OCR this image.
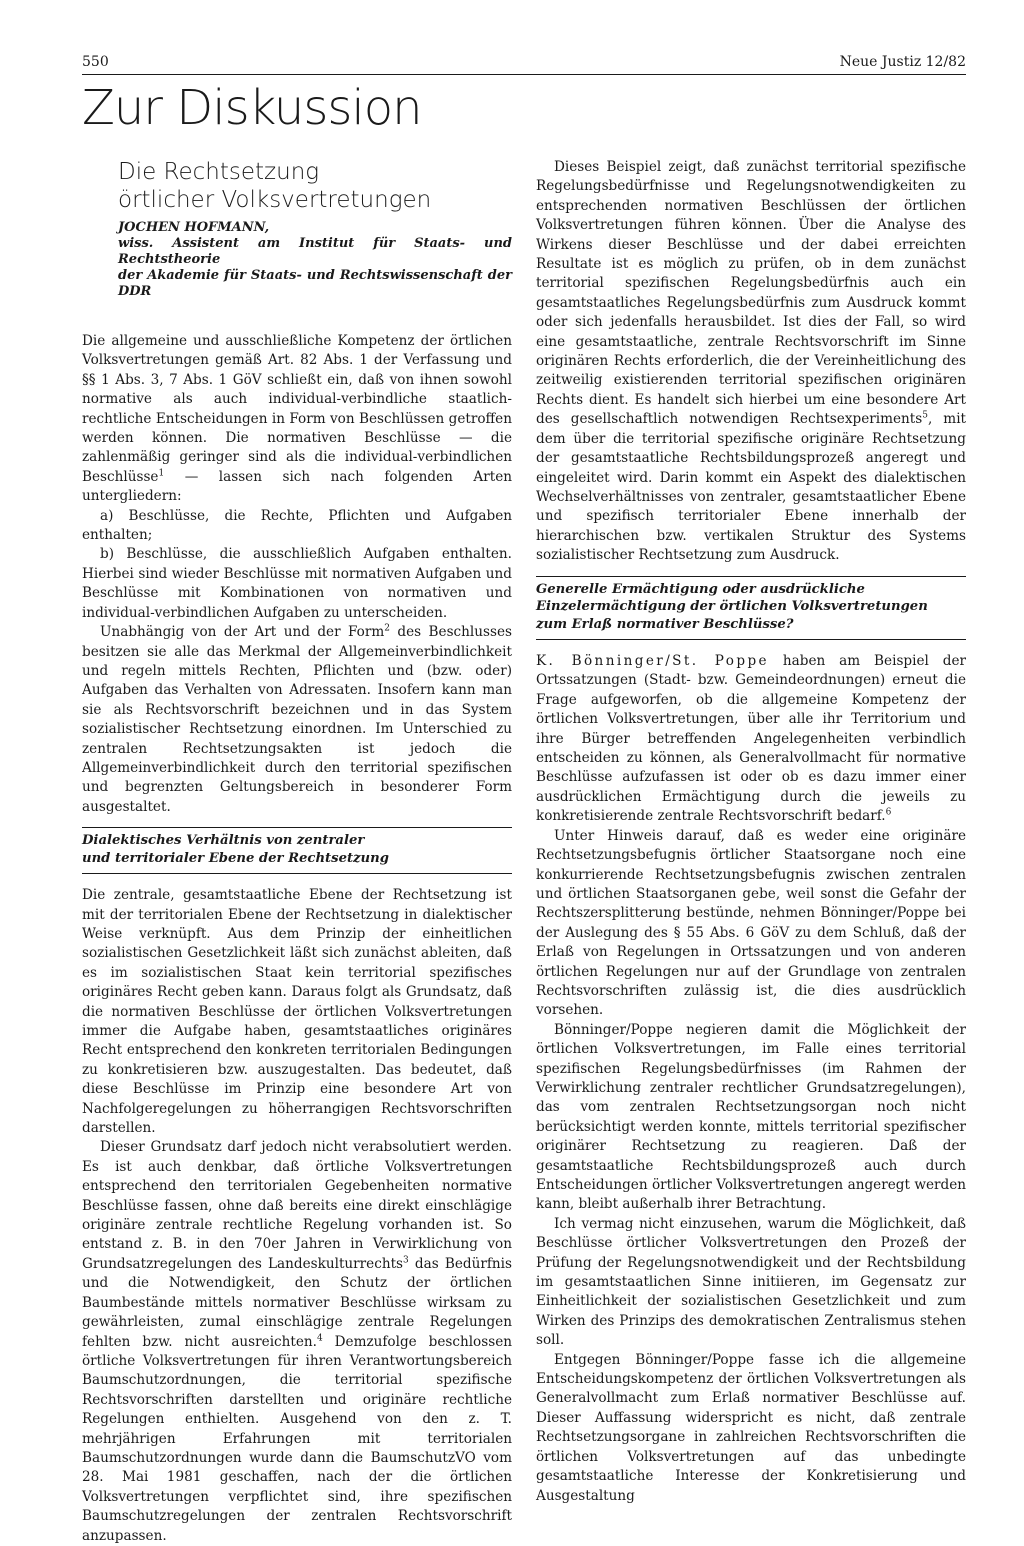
550	Neue Justiz 12/82
Zur Diskussion
Die Rechtsetzung
örtlicher Volksvertretungen
JOCHEN HOFMANN,
wiss. Assistent am Institut für Staats- und Rechtstheorie
der Akademie für Staats- und Rechtswissenschaft der DDR

Die allgemeine und ausschließliche Kompetenz der örtlichen Volksvertretungen gemäß Art. 82 Abs. 1 der Verfassung und §§ 1 Abs. 3, 7 Abs. 1 GöV schließt ein, daß von ihnen sowohl normative als auch individual-verbindliche staatlich-rechtliche Entscheidungen in Form von Beschlüssen getroffen werden können. Die normativen Beschlüsse — die zahlenmäßig geringer sind als die individual-verbindlichen Beschlüsse$^1$ — lassen sich nach folgenden Arten untergliedern:

a) Beschlüsse, die Rechte, Pflichten und Aufgaben enthalten;

b) Beschlüsse, die ausschließlich Aufgaben enthalten. Hierbei sind wieder Beschlüsse mit normativen Aufgaben und Beschlüsse mit Kombinationen von normativen und individual-verbindlichen Aufgaben zu unterscheiden.

Unabhängig von der Art und der Form$^2$ des Beschlusses besitzen sie alle das Merkmal der Allgemeinverbindlichkeit und regeln mittels Rechten, Pflichten und (bzw. oder) Aufgaben das Verhalten von Adressaten. Insofern kann man sie als Rechtsvorschrift bezeichnen und in das System sozialistischer Rechtsetzung einordnen. Im Unterschied zu zentralen Rechtsetzungsakten ist jedoch die Allgemeinverbindlichkeit durch den territorial spezifischen und begrenzten Geltungsbereich in besonderer Form ausgestaltet.

Dialektisches Verhältnis von zentraler
und territorialer Ebene der Rechtsetzung

Die zentrale, gesamtstaatliche Ebene der Rechtsetzung ist mit der territorialen Ebene der Rechtsetzung in dialektischer Weise verknüpft. Aus dem Prinzip der einheitlichen sozialistischen Gesetzlichkeit läßt sich zunächst ableiten, daß es im sozialistischen Staat kein territorial spezifisches originäres Recht geben kann. Daraus folgt als Grundsatz, daß die normativen Beschlüsse der örtlichen Volksvertretungen immer die Aufgabe haben, gesamtstaatliches originäres Recht entsprechend den konkreten territorialen Bedingungen zu konkretisieren bzw. auszugestalten. Das bedeutet, daß diese Beschlüsse im Prinzip eine besondere Art von Nachfolgeregelungen zu höherrangigen Rechtsvorschriften darstellen.

Dieser Grundsatz darf jedoch nicht verabsolutiert werden. Es ist auch denkbar, daß örtliche Volksvertretungen entsprechend den territorialen Gegebenheiten normative Beschlüsse fassen, ohne daß bereits eine direkt einschlägige originäre zentrale rechtliche Regelung vorhanden ist. So entstand z. B. in den 70er Jahren in Verwirklichung von Grundsatzregelungen des Landeskulturrechts$^3$ das Bedürfnis und die Notwendigkeit, den Schutz der örtlichen Baumbestände mittels normativer Beschlüsse wirksam zu gewährleisten, zumal einschlägige zentrale Regelungen fehlten bzw. nicht ausreichten.$^4$ Demzufolge beschlossen örtliche Volksvertretungen für ihren Verantwortungsbereich Baumschutzordnungen, die territorial spezifische Rechtsvorschriften darstellten und originäre rechtliche Regelungen enthielten. Ausgehend von den z. T. mehrjährigen Erfahrungen mit territorialen Baumschutzordnungen wurde dann die BaumschutzVO vom 28. Mai 1981 geschaffen, nach der die örtlichen Volksvertretungen verpflichtet sind, ihre spezifischen Baumschutzregelungen der zentralen Rechtsvorschrift anzupassen.

Dieses Beispiel zeigt, daß zunächst territorial spezifische Regelungsbedürfnisse und Regelungsnotwendigkeiten zu entsprechenden normativen Beschlüssen der örtlichen Volksvertretungen führen können. Über die Analyse des Wirkens dieser Beschlüsse und der dabei erreichten Resultate ist es möglich zu prüfen, ob in dem zunächst territorial spezifischen Regelungsbedürfnis auch ein gesamtstaatliches Regelungsbedürfnis zum Ausdruck kommt oder sich jedenfalls herausbildet. Ist dies der Fall, so wird eine gesamtstaatliche, zentrale Rechtsvorschrift im Sinne originären Rechts erforderlich, die der Vereinheitlichung des zeitweilig existierenden territorial spezifischen originären Rechts dient. Es handelt sich hierbei um eine besondere Art des gesellschaftlich notwendigen Rechtsexperiments$^5$, mit dem über die territorial spezifische originäre Rechtsetzung der gesamtstaatliche Rechtsbildungsprozeß angeregt und eingeleitet wird. Darin kommt ein Aspekt des dialektischen Wechselverhältnisses von zentraler, gesamtstaatlicher Ebene und spezifisch territorialer Ebene innerhalb der hierarchischen bzw. vertikalen Struktur des Systems sozialistischer Rechtsetzung zum Ausdruck.

Generelle Ermächtigung oder ausdrückliche
Einzelermächtigung der örtlichen Volksvertretungen
zum Erlaß normativer Beschlüsse?

K. Bönninger/St. Poppe haben am Beispiel der Ortssatzungen (Stadt- bzw. Gemeindeordnungen) erneut die Frage aufgeworfen, ob die allgemeine Kompetenz der örtlichen Volksvertretungen, über alle ihr Territorium und ihre Bürger betreffenden Angelegenheiten verbindlich entscheiden zu können, als Generalvollmacht für normative Beschlüsse aufzufassen ist oder ob es dazu immer einer ausdrücklichen Ermächtigung durch die jeweils zu konkretisierende zentrale Rechtsvorschrift bedarf.$^6$

Unter Hinweis darauf, daß es weder eine originäre Rechtsetzungsbefugnis örtlicher Staatsorgane noch eine konkurrierende Rechtsetzungsbefugnis zwischen zentralen und örtlichen Staatsorganen gebe, weil sonst die Gefahr der Rechtszersplitterung bestünde, nehmen Bönninger/Poppe bei der Auslegung des § 55 Abs. 6 GöV zu dem Schluß, daß der Erlaß von Regelungen in Ortssatzungen und von anderen örtlichen Regelungen nur auf der Grundlage von zentralen Rechtsvorschriften zulässig ist, die dies ausdrücklich vorsehen.

Bönninger/Poppe negieren damit die Möglichkeit der örtlichen Volksvertretungen, im Falle eines territorial spezifischen Regelungsbedürfnisses (im Rahmen der Verwirklichung zentraler rechtlicher Grundsatzregelungen), das vom zentralen Rechtsetzungsorgan noch nicht berücksichtigt werden konnte, mittels territorial spezifischer originärer Rechtsetzung zu reagieren. Daß der gesamtstaatliche Rechtsbildungsprozeß auch durch Entscheidungen örtlicher Volksvertretungen angeregt werden kann, bleibt außerhalb ihrer Betrachtung.

Ich vermag nicht einzusehen, warum die Möglichkeit, daß Beschlüsse örtlicher Volksvertretungen den Prozeß der Prüfung der Regelungsnotwendigkeit und der Rechtsbildung im gesamtstaatlichen Sinne initiieren, im Gegensatz zur Einheitlichkeit der sozialistischen Gesetzlichkeit und zum Wirken des Prinzips des demokratischen Zentralismus stehen soll.

Entgegen Bönninger/Poppe fasse ich die allgemeine Entscheidungskompetenz der örtlichen Volksvertretungen als Generalvollmacht zum Erlaß normativer Beschlüsse auf. Dieser Auffassung widerspricht es nicht, daß zentrale Rechtsetzungsorgane in zahlreichen Rechtsvorschriften die örtlichen Volksvertretungen auf das unbedingte gesamtstaatliche Interesse der Konkretisierung und Ausgestaltung
